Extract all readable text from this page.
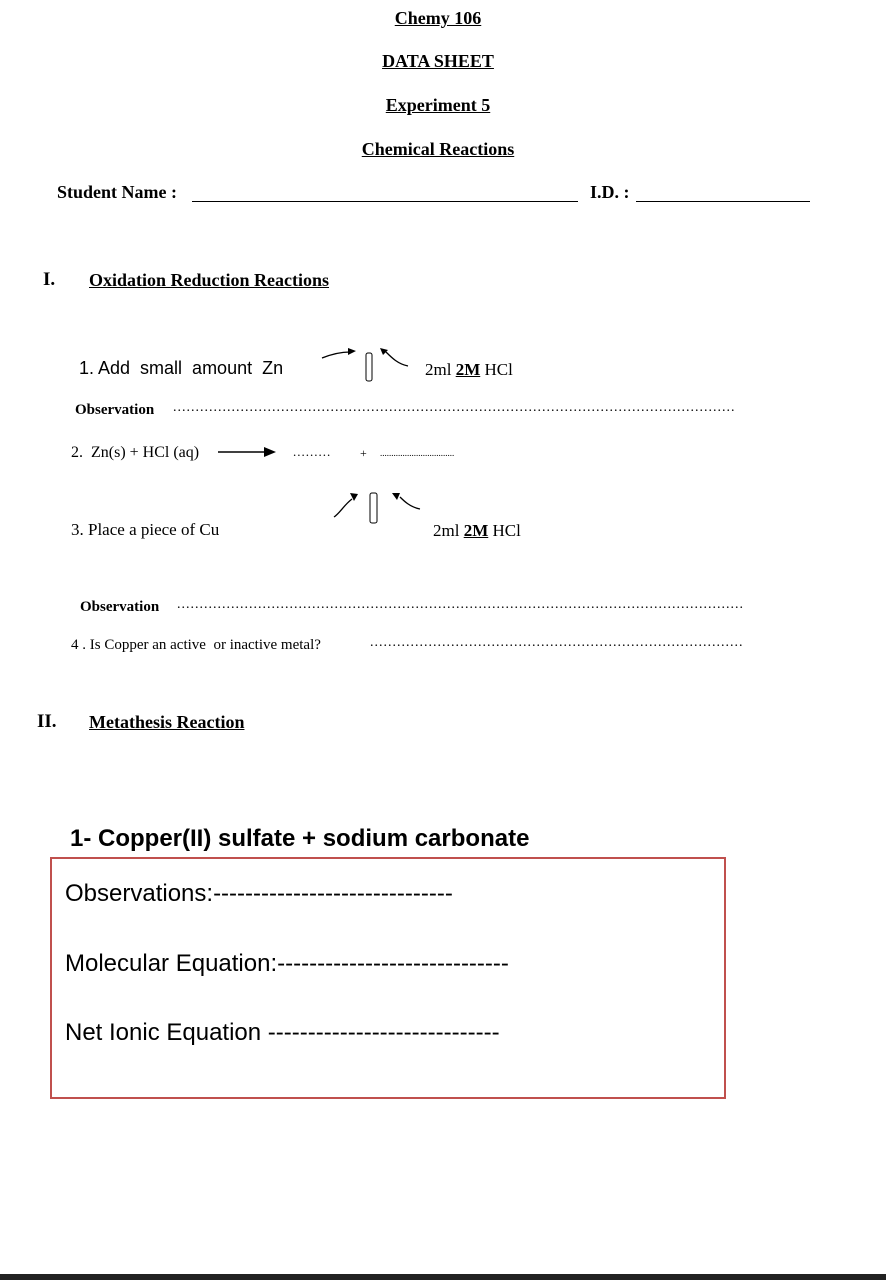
Chemy 106
DATA SHEET
Experiment 5
Chemical Reactions
Student Name :	I.D. :
I. Oxidation Reduction Reactions
1. Add  small  amount  Zn	2ml 2M HCl
Observation .............................................................................................................................
2.  Zn(s) + HCl (aq) → .........	+ .................................
3. Place a piece of Cu	2ml 2M HCl
Observation ..............................................................................................................................
4 . Is Copper an active  or inactive metal?	...................................................................................
II. Metathesis Reaction
1- Copper(II) sulfate + sodium carbonate
Observations:------------------------------
Molecular Equation:-----------------------------
Net Ionic Equation -----------------------------
